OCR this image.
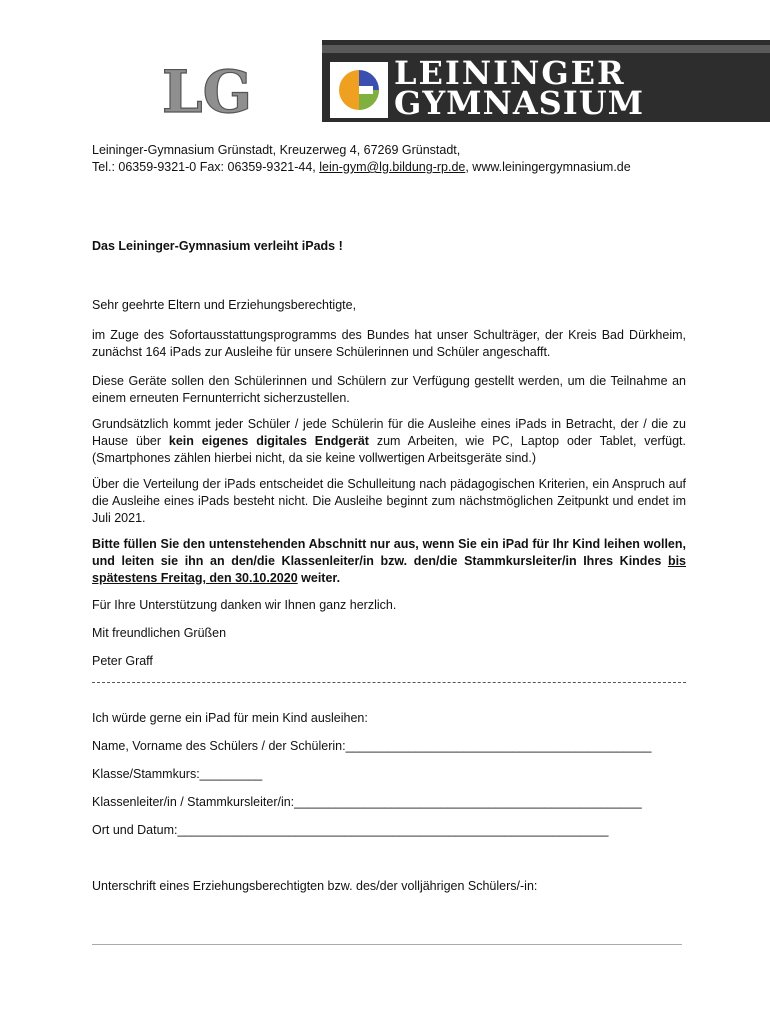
LG	LEININGER
GYMNASIUM
Leininger-Gymnasium Grünstadt, Kreuzerweg 4, 67269 Grünstadt,
Tel.: 06359-9321-0 Fax: 06359-9321-44, lein-gym@lg.bildung-rp.de, www.leiningergymnasium.de
Das Leininger-Gymnasium verleiht iPads !
Sehr geehrte Eltern und Erziehungsberechtigte,
im Zuge des Sofortausstattungsprogramms des Bundes hat unser Schulträger, der Kreis Bad Dürkheim, zunächst 164 iPads zur Ausleihe für unsere Schülerinnen und Schüler angeschafft.
Diese Geräte sollen den Schülerinnen und Schülern zur Verfügung gestellt werden, um die Teilnahme an einem erneuten Fernunterricht sicherzustellen.
Grundsätzlich kommt jeder Schüler / jede Schülerin für die Ausleihe eines iPads in Betracht, der / die zu Hause über kein eigenes digitales Endgerät zum Arbeiten, wie PC, Laptop oder Tablet, verfügt. (Smartphones zählen hierbei nicht, da sie keine vollwertigen Arbeitsgeräte sind.)
Über die Verteilung der iPads entscheidet die Schulleitung nach pädagogischen Kriterien, ein Anspruch auf die Ausleihe eines iPads besteht nicht. Die Ausleihe beginnt zum nächstmöglichen Zeitpunkt und endet im Juli 2021.
Bitte füllen Sie den untenstehenden Abschnitt nur aus, wenn Sie ein iPad für Ihr Kind leihen wollen, und leiten sie ihn an den/die Klassenleiter/in bzw. den/die Stammkursleiter/in Ihres Kindes bis spätestens Freitag, den 30.10.2020 weiter.
Für Ihre Unterstützung danken wir Ihnen ganz herzlich.
Mit freundlichen Grüßen
Peter Graff
Ich würde gerne ein iPad für mein Kind ausleihen:
Name, Vorname des Schülers / der Schülerin:____________________________________________
Klasse/Stammkurs:_________
Klassenleiter/in / Stammkursleiter/in:__________________________________________________
Ort und Datum:______________________________________________________________
Unterschrift eines Erziehungsberechtigten bzw. des/der volljährigen Schülers/-in:
